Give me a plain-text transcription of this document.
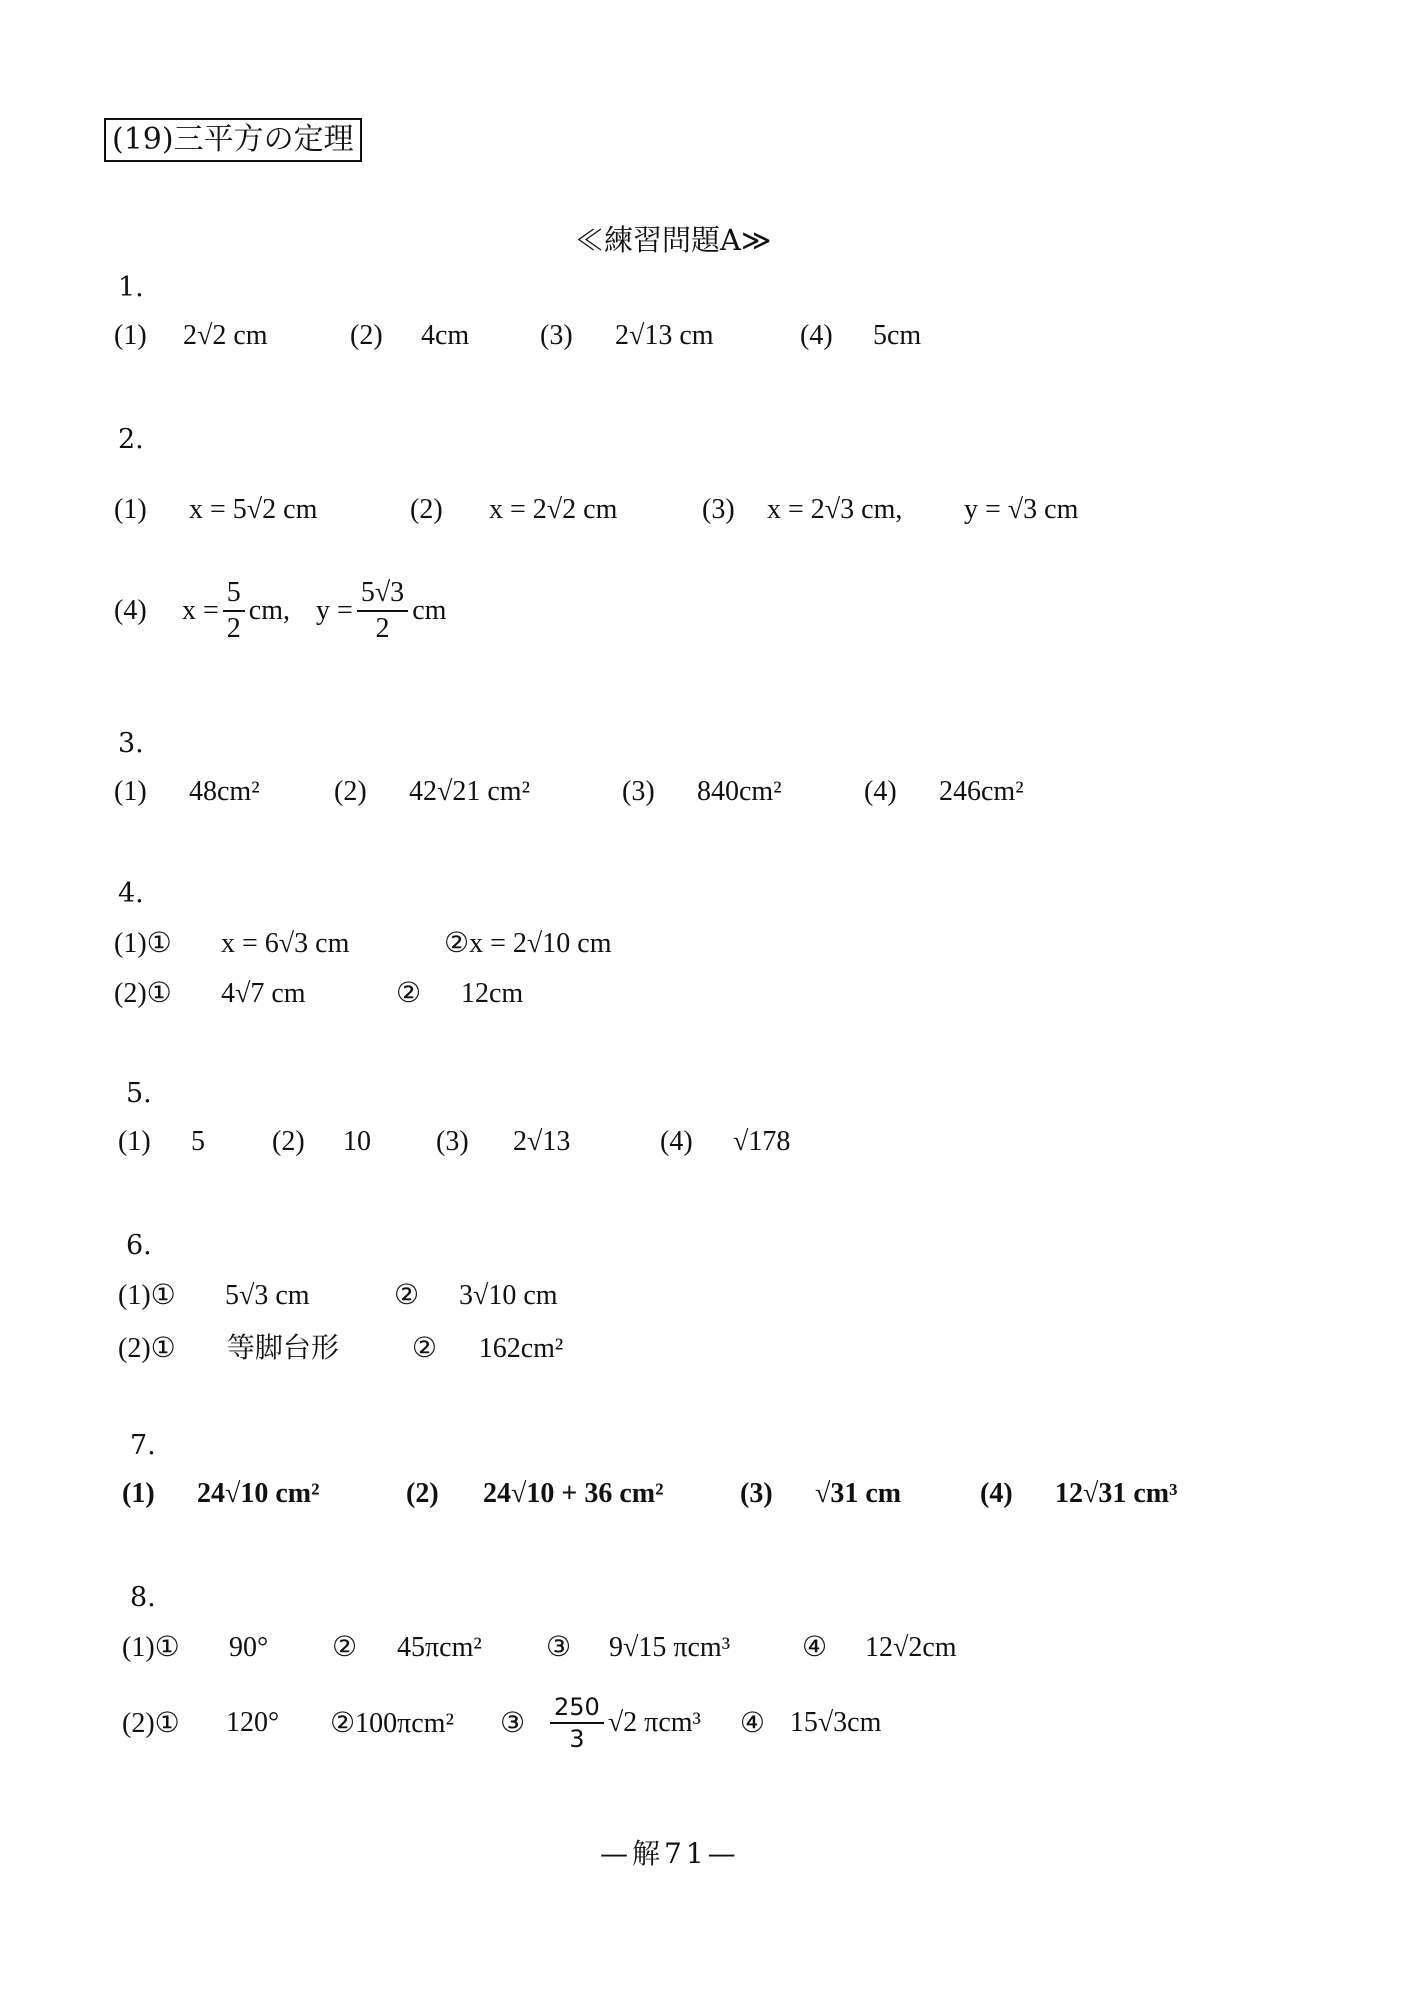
(19)三平方の定理
≪練習問題A≫
1.
(1) 2√2 cm	(2) 4cm	(3) 2√13 cm	(4) 5cm
2.
(1) x = 5√2 cm	(2) x = 2√2 cm	(3) x = 2√3 cm, y = √3 cm
(4)	$x = \frac{5}{2}$ cm, $y = \frac{5√3}{2}$ cm
3.
(1) 48cm²	(2) 42√21 cm²	(3) 840cm²	(4) 246cm²
4.
(1)① x = 6√3 cm	②x = 2√10 cm
(2)① 4√7 cm	② 12cm
5.
(1) 5 (2) 10 (3) 2√13	(4) √178
6.
(1)① 5√3 cm	② 3√10 cm
(2)① 等脚台形	② 162cm²
7.
(1) 24√10 cm²	(2) 24√10 + 36 cm²	(3) √31 cm	(4) 12√31 cm³
8.
(1)① 90° ② 45πcm² ③ 9√15 πcm³	④ 12√2cm
(2)①	120°	②100πcm²	③	$\frac{250}{3} √2$ πcm³	④ 15√3cm
—解71—
